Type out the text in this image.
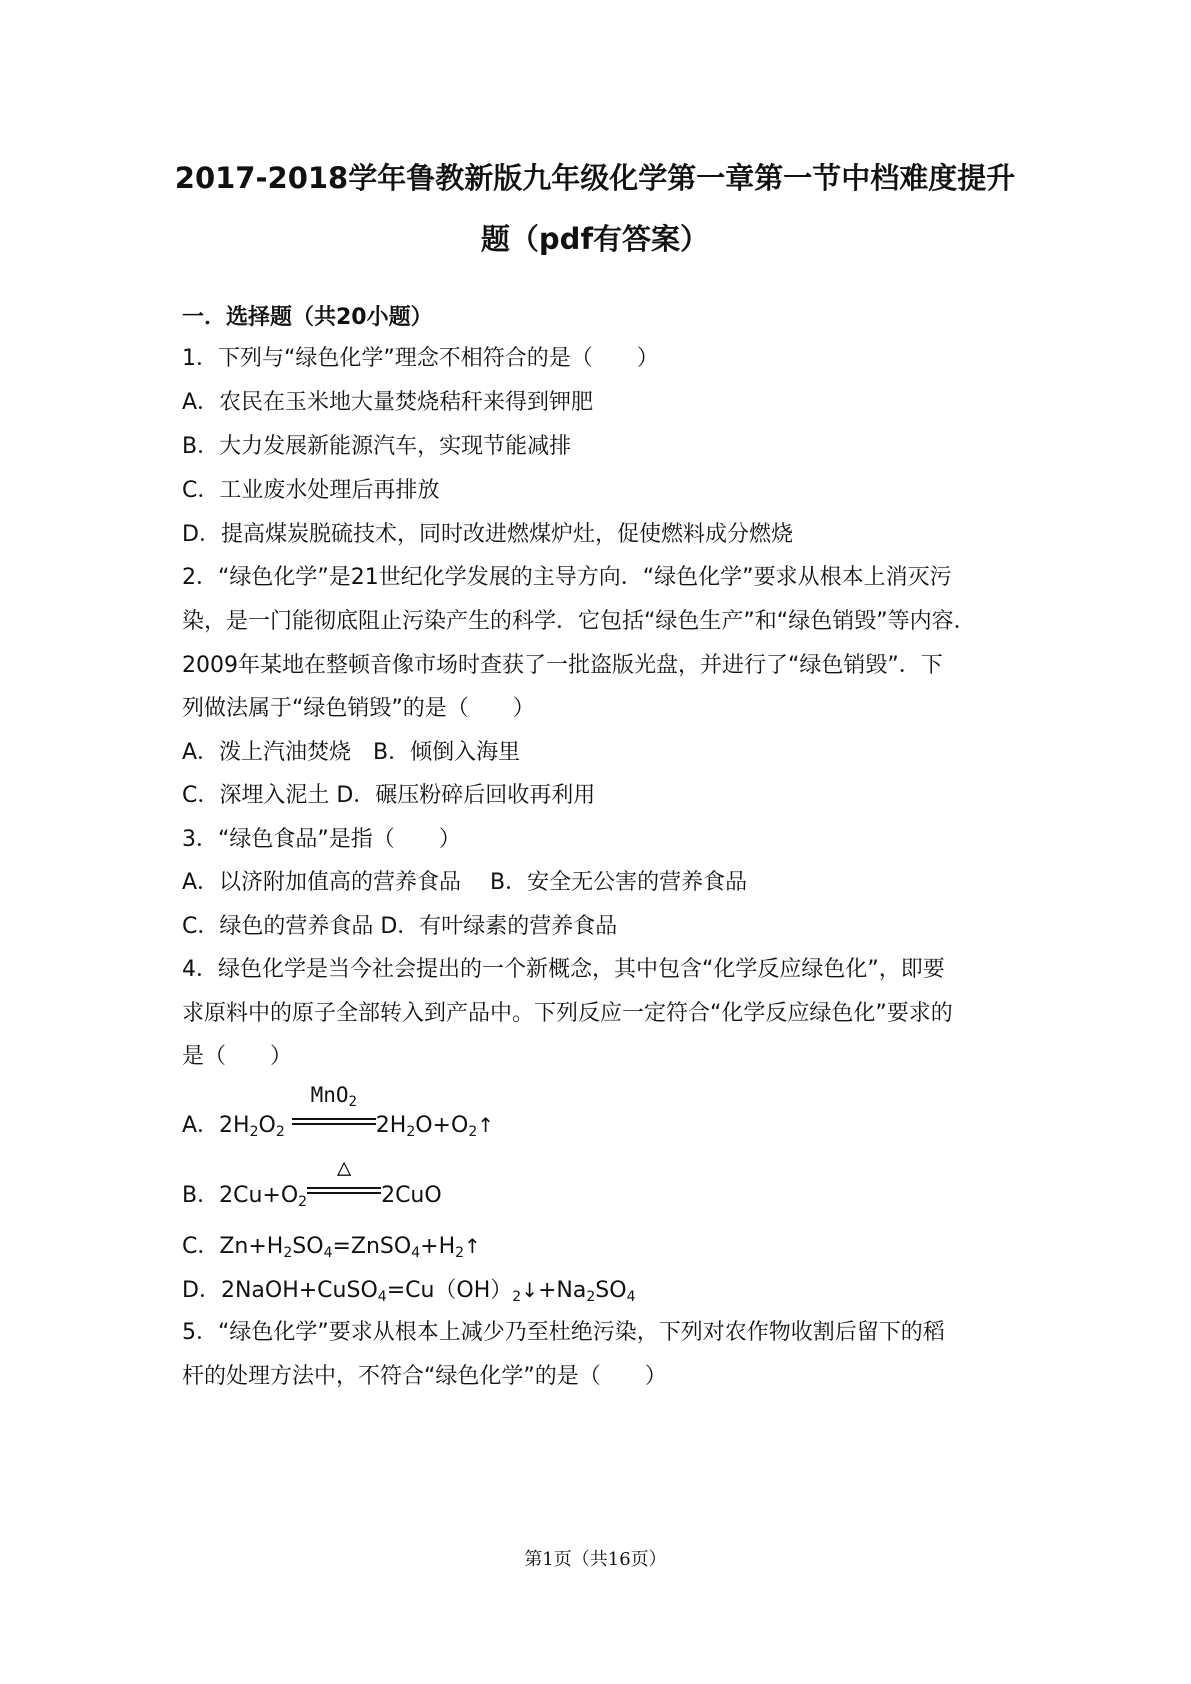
2017-2018学年鲁教新版九年级化学第一章第一节中档难度提升
题（pdf有答案）
一．选择题（共20小题）
1．下列与“绿色化学”理念不相符合的是（　　）
A．农民在玉米地大量焚烧秸秆来得到钾肥
B．大力发展新能源汽车，实现节能减排
C．工业废水处理后再排放
D．提高煤炭脱硫技术，同时改进燃煤炉灶，促使燃料成分燃烧
2．“绿色化学”是21世纪化学发展的主导方向．“绿色化学”要求从根本上消灭污
染，是一门能彻底阻止污染产生的科学．它包括“绿色生产”和“绿色销毁”等内容．
2009年某地在整顿音像市场时查获了一批盗版光盘，并进行了“绿色销毁”．下
列做法属于“绿色销毁”的是（　　）
A．泼上汽油焚烧　B．倾倒入海里
C．深埋入泥土 D．碾压粉碎后回收再利用
3．“绿色食品”是指（　　）
A．以济附加值高的营养食品　 B．安全无公害的营养食品
C．绿色的营养食品 D．有叶绿素的营养食品
4．绿色化学是当今社会提出的一个新概念，其中包含“化学反应绿色化”，即要
求原料中的原子全部转入到产品中。下列反应一定符合“化学反应绿色化”要求的
是（　　）
A．$2H_2O_2$
MnO$_2$
$2H_2O+O_2↑$
B．$2Cu+O_2$
△
2CuO
C．$Zn+H_2SO_4=ZnSO_4+H_2↑$
D．$2NaOH+CuSO_4=Cu(OH)_2↓+Na_2SO_4$
5．“绿色化学”要求从根本上减少乃至杜绝污染，下列对农作物收割后留下的稻
杆的处理方法中，不符合“绿色化学”的是（　　）
第1页（共16页）
